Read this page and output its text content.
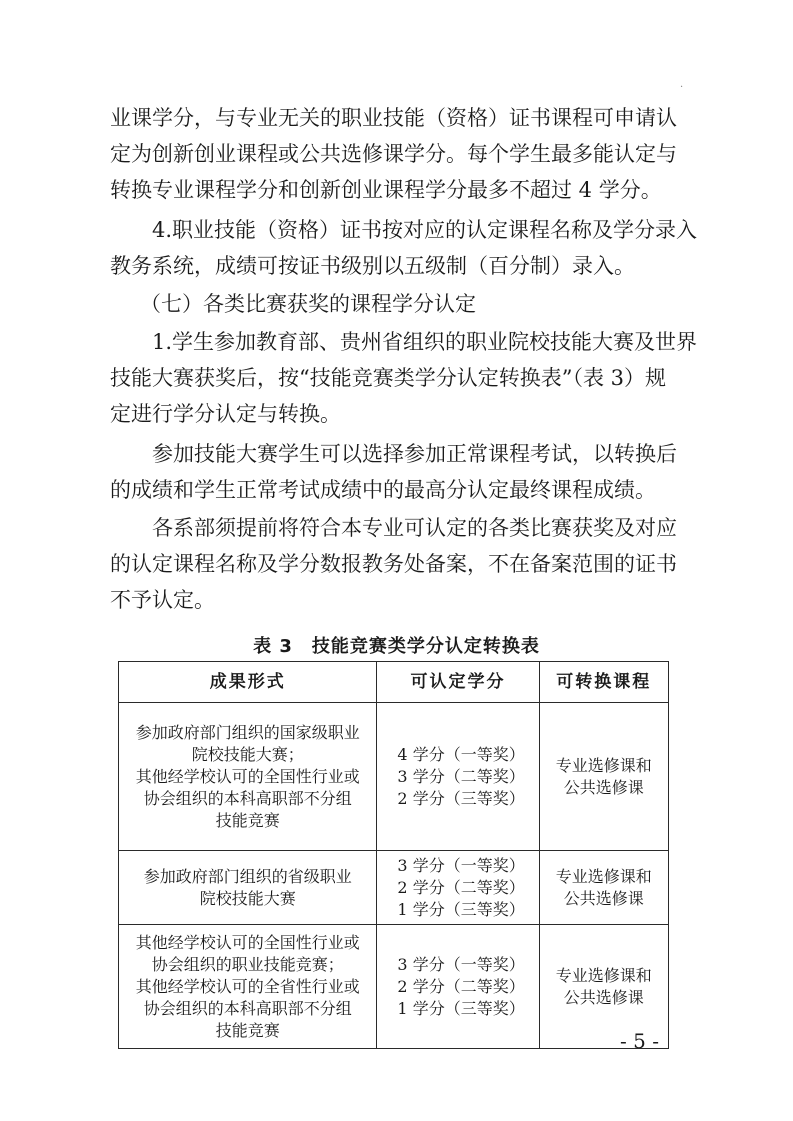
·

业课学分，与专业无关的职业技能（资格）证书课程可申请认
定为创新创业课程或公共选修课学分。每个学生最多能认定与
转换专业课程学分和创新创业课程学分最多不超过 4 学分。

4.职业技能（资格）证书按对应的认定课程名称及学分录入
教务系统，成绩可按证书级别以五级制（百分制）录入。

（七）各类比赛获奖的课程学分认定

1.学生参加教育部、贵州省组织的职业院校技能大赛及世界
技能大赛获奖后，按“技能竞赛类学分认定转换表”（表 3）规
定进行学分认定与转换。

参加技能大赛学生可以选择参加正常课程考试，以转换后
的成绩和学生正常考试成绩中的最高分认定最终课程成绩。

各系部须提前将符合本专业可认定的各类比赛获奖及对应
的认定课程名称及学分数报教务处备案，不在备案范围的证书
不予认定。

表 3　技能竞赛类学分认定转换表
成果形式	可认定学分	可转换课程

参加政府部门组织的国家级职业
院校技能大赛；
其他经学校认可的全国性行业或
协会组织的本科高职部不分组
技能竞赛	4 学分（一等奖）
3 学分（二等奖）
2 学分（三等奖）	专业选修课和
公共选修课

参加政府部门组织的省级职业
院校技能大赛	3 学分（一等奖）
2 学分（二等奖）
1 学分（三等奖）	专业选修课和
公共选修课

其他经学校认可的全国性行业或
协会组织的职业技能竞赛；
其他经学校认可的全省性行业或
协会组织的本科高职部不分组
技能竞赛	3 学分（一等奖）
2 学分（二等奖）
1 学分（三等奖）	专业选修课和
公共选修课
- 5 -
